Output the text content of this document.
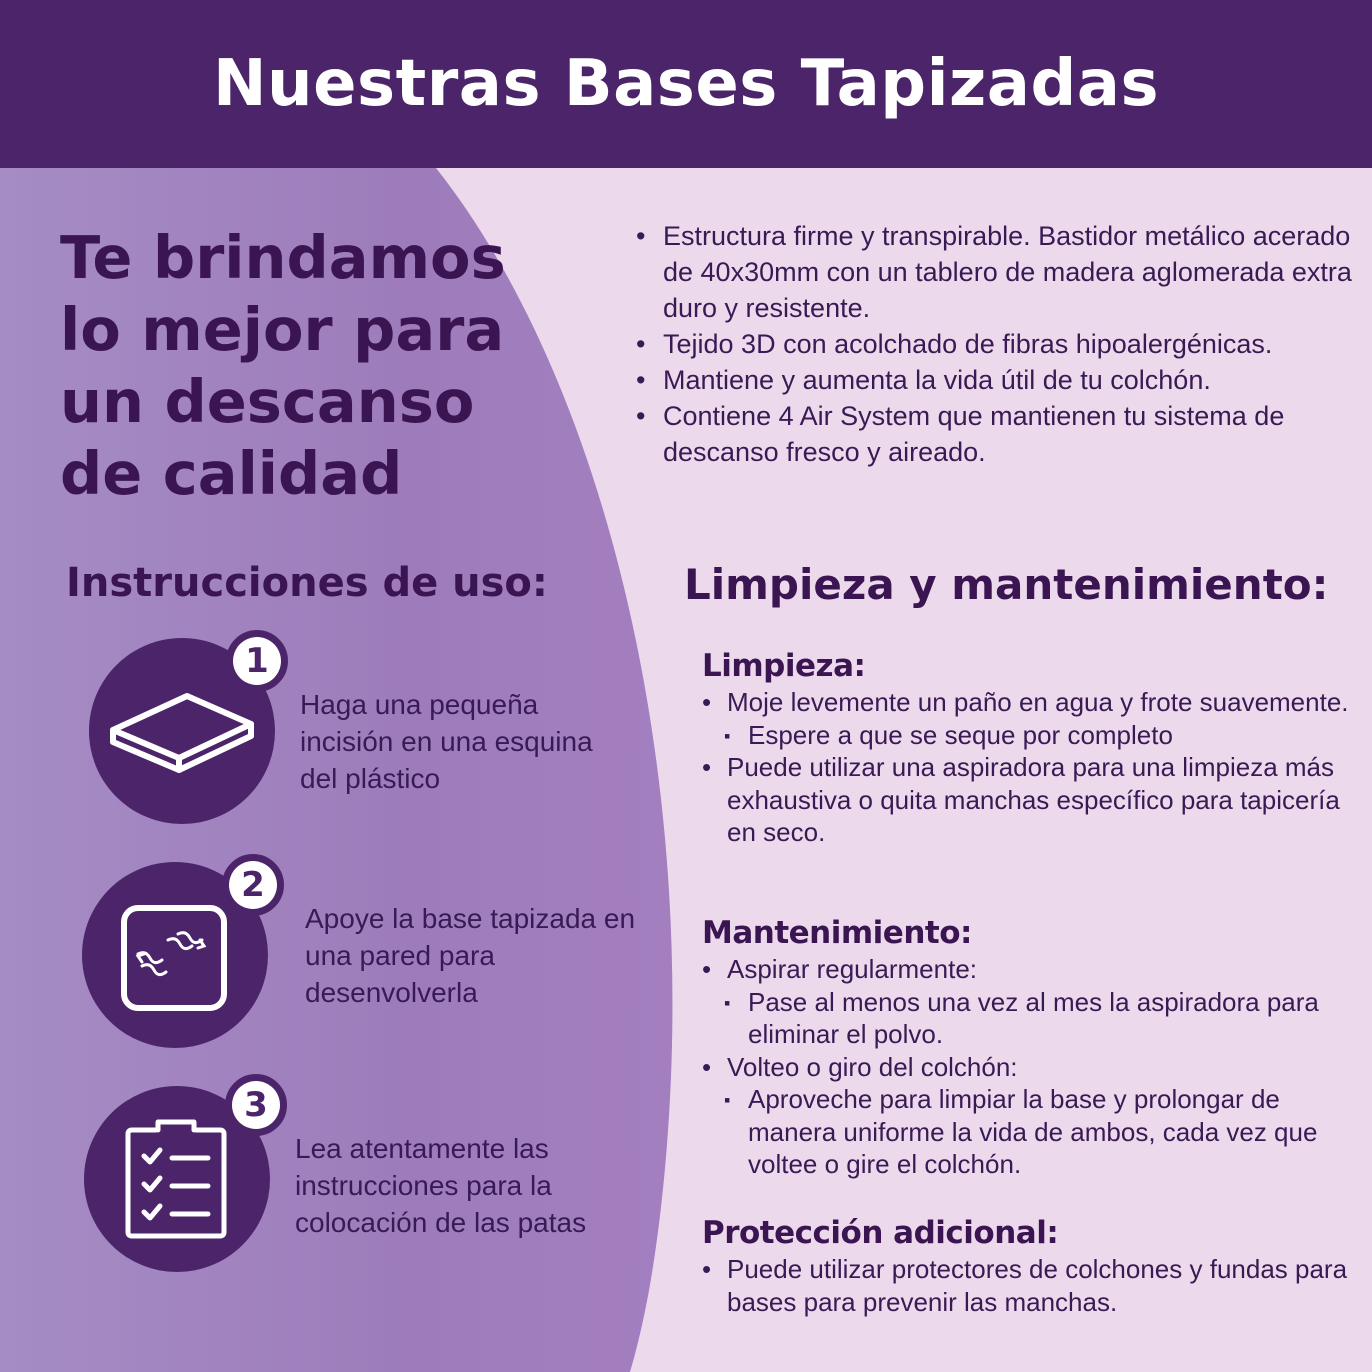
Nuestras Bases Tapizadas
Te brindamos lo mejor para un descanso de calidad
• Estructura firme y transpirable. Bastidor metálico acerado de 40x30mm con un tablero de madera aglomerada extra duro y resistente.
• Tejido 3D con acolchado de fibras hipoalergénicas.
• Mantiene y aumenta la vida útil de tu colchón.
• Contiene 4 Air System que mantienen tu sistema de descanso fresco y aireado.
Instrucciones de uso:	Limpieza y mantenimiento:
1

Haga una pequeña incisión en una esquina del plástico

2

Apoye la base tapizada en una pared para desenvolverla

3

Lea atentamente las instrucciones para la colocación de las patas

Limpieza:
• Moje levemente un paño en agua y frote suavemente.
▪ Espere a que se seque por completo
• Puede utilizar una aspiradora para una limpieza más exhaustiva o quita manchas específico para tapicería en seco.
Mantenimiento:
• Aspirar regularmente:
▪ Pase al menos una vez al mes la aspiradora para eliminar el polvo.
• Volteo o giro del colchón:
▪ Aproveche para limpiar la base y prolongar de manera uniforme la vida de ambos, cada vez que voltee o gire el colchón.
Protección adicional:
• Puede utilizar protectores de colchones y fundas para bases para prevenir las manchas.
